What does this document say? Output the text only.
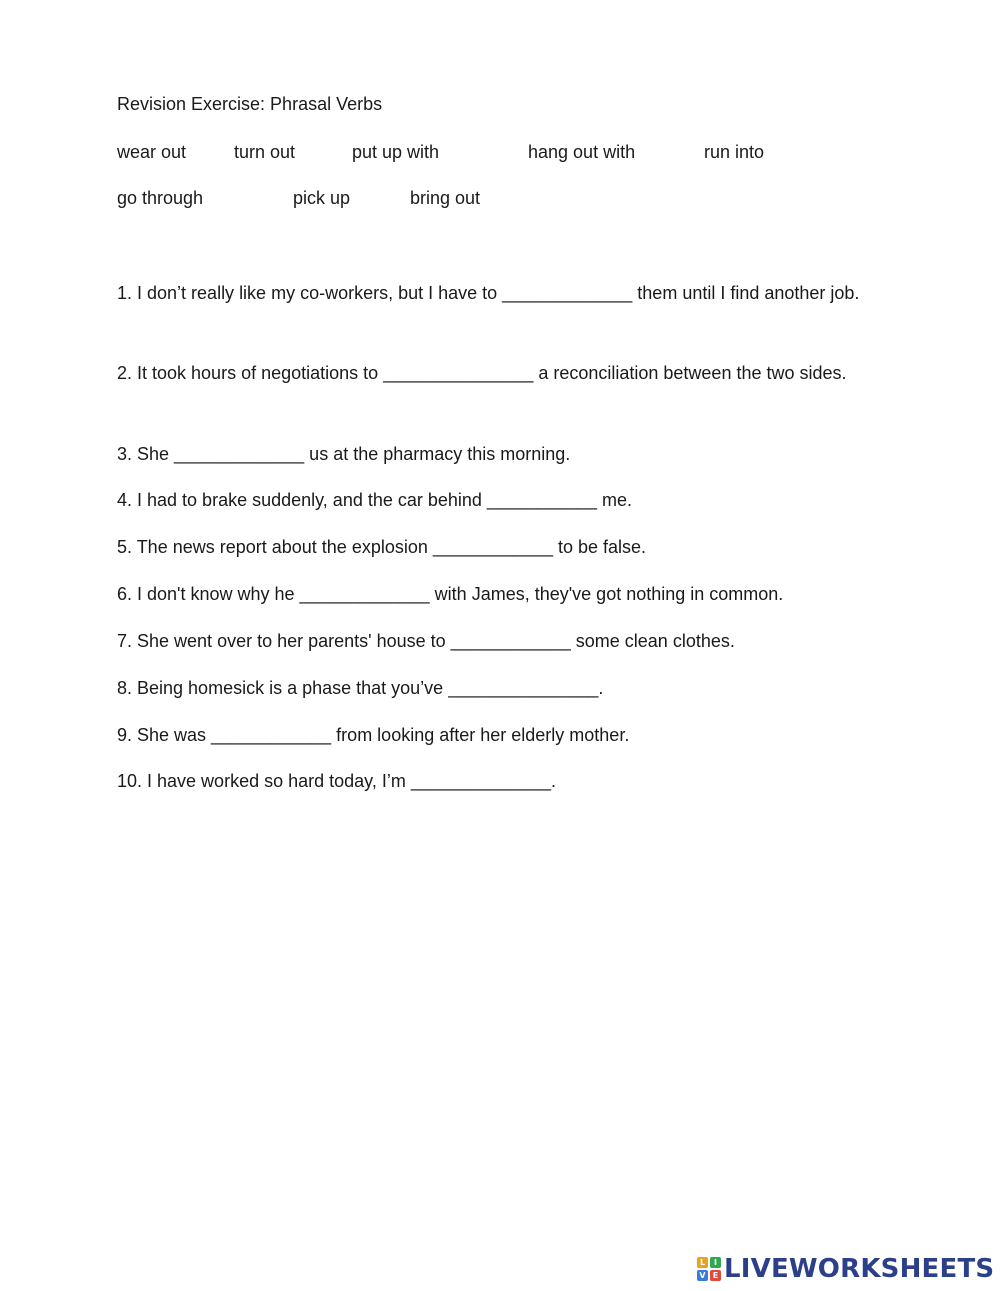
Revision Exercise: Phrasal Verbs
wear out	turn out	put up with	hang out with	run into
go through	pick up	bring out
1. I don’t really like my co-workers, but I have to _____________ them until I find another job.
2. It took hours of negotiations to _______________ a reconciliation between the two sides.
3. She _____________ us at the pharmacy this morning.
4. I had to brake suddenly, and the car behind ___________ me.
5. The news report about the explosion ____________ to be false.
6. I don't know why he _____________ with James, they've got nothing in common.
7. She went over to her parents' house to ____________ some clean clothes.
8. Being homesick is a phase that you’ve _______________.
9. She was ____________ from looking after her elderly mother.
10. I have worked so hard today, I’m ______________.
L	I
V E LIVEWORKSHEETS
